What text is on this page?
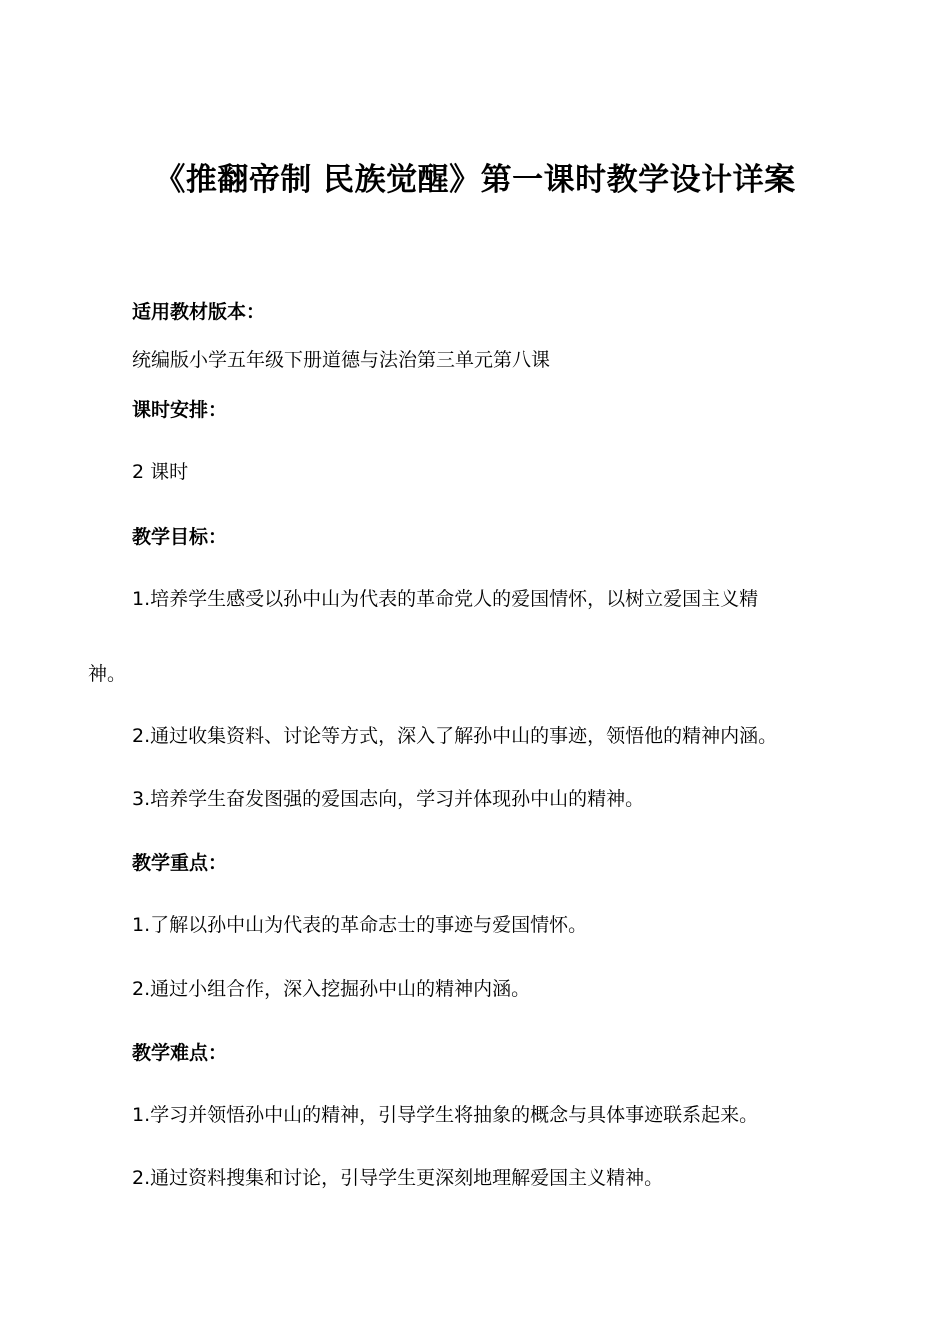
《推翻帝制 民族觉醒》第一课时教学设计详案
适用教材版本：
统编版小学五年级下册道德与法治第三单元第八课
课时安排：
2 课时
教学目标：
1.培养学生感受以孙中山为代表的革命党人的爱国情怀，以树立爱国主义精
神。
2.通过收集资料、讨论等方式，深入了解孙中山的事迹，领悟他的精神内涵。
3.培养学生奋发图强的爱国志向，学习并体现孙中山的精神。
教学重点：
1.了解以孙中山为代表的革命志士的事迹与爱国情怀。
2.通过小组合作，深入挖掘孙中山的精神内涵。
教学难点：
1.学习并领悟孙中山的精神，引导学生将抽象的概念与具体事迹联系起来。
2.通过资料搜集和讨论，引导学生更深刻地理解爱国主义精神。
